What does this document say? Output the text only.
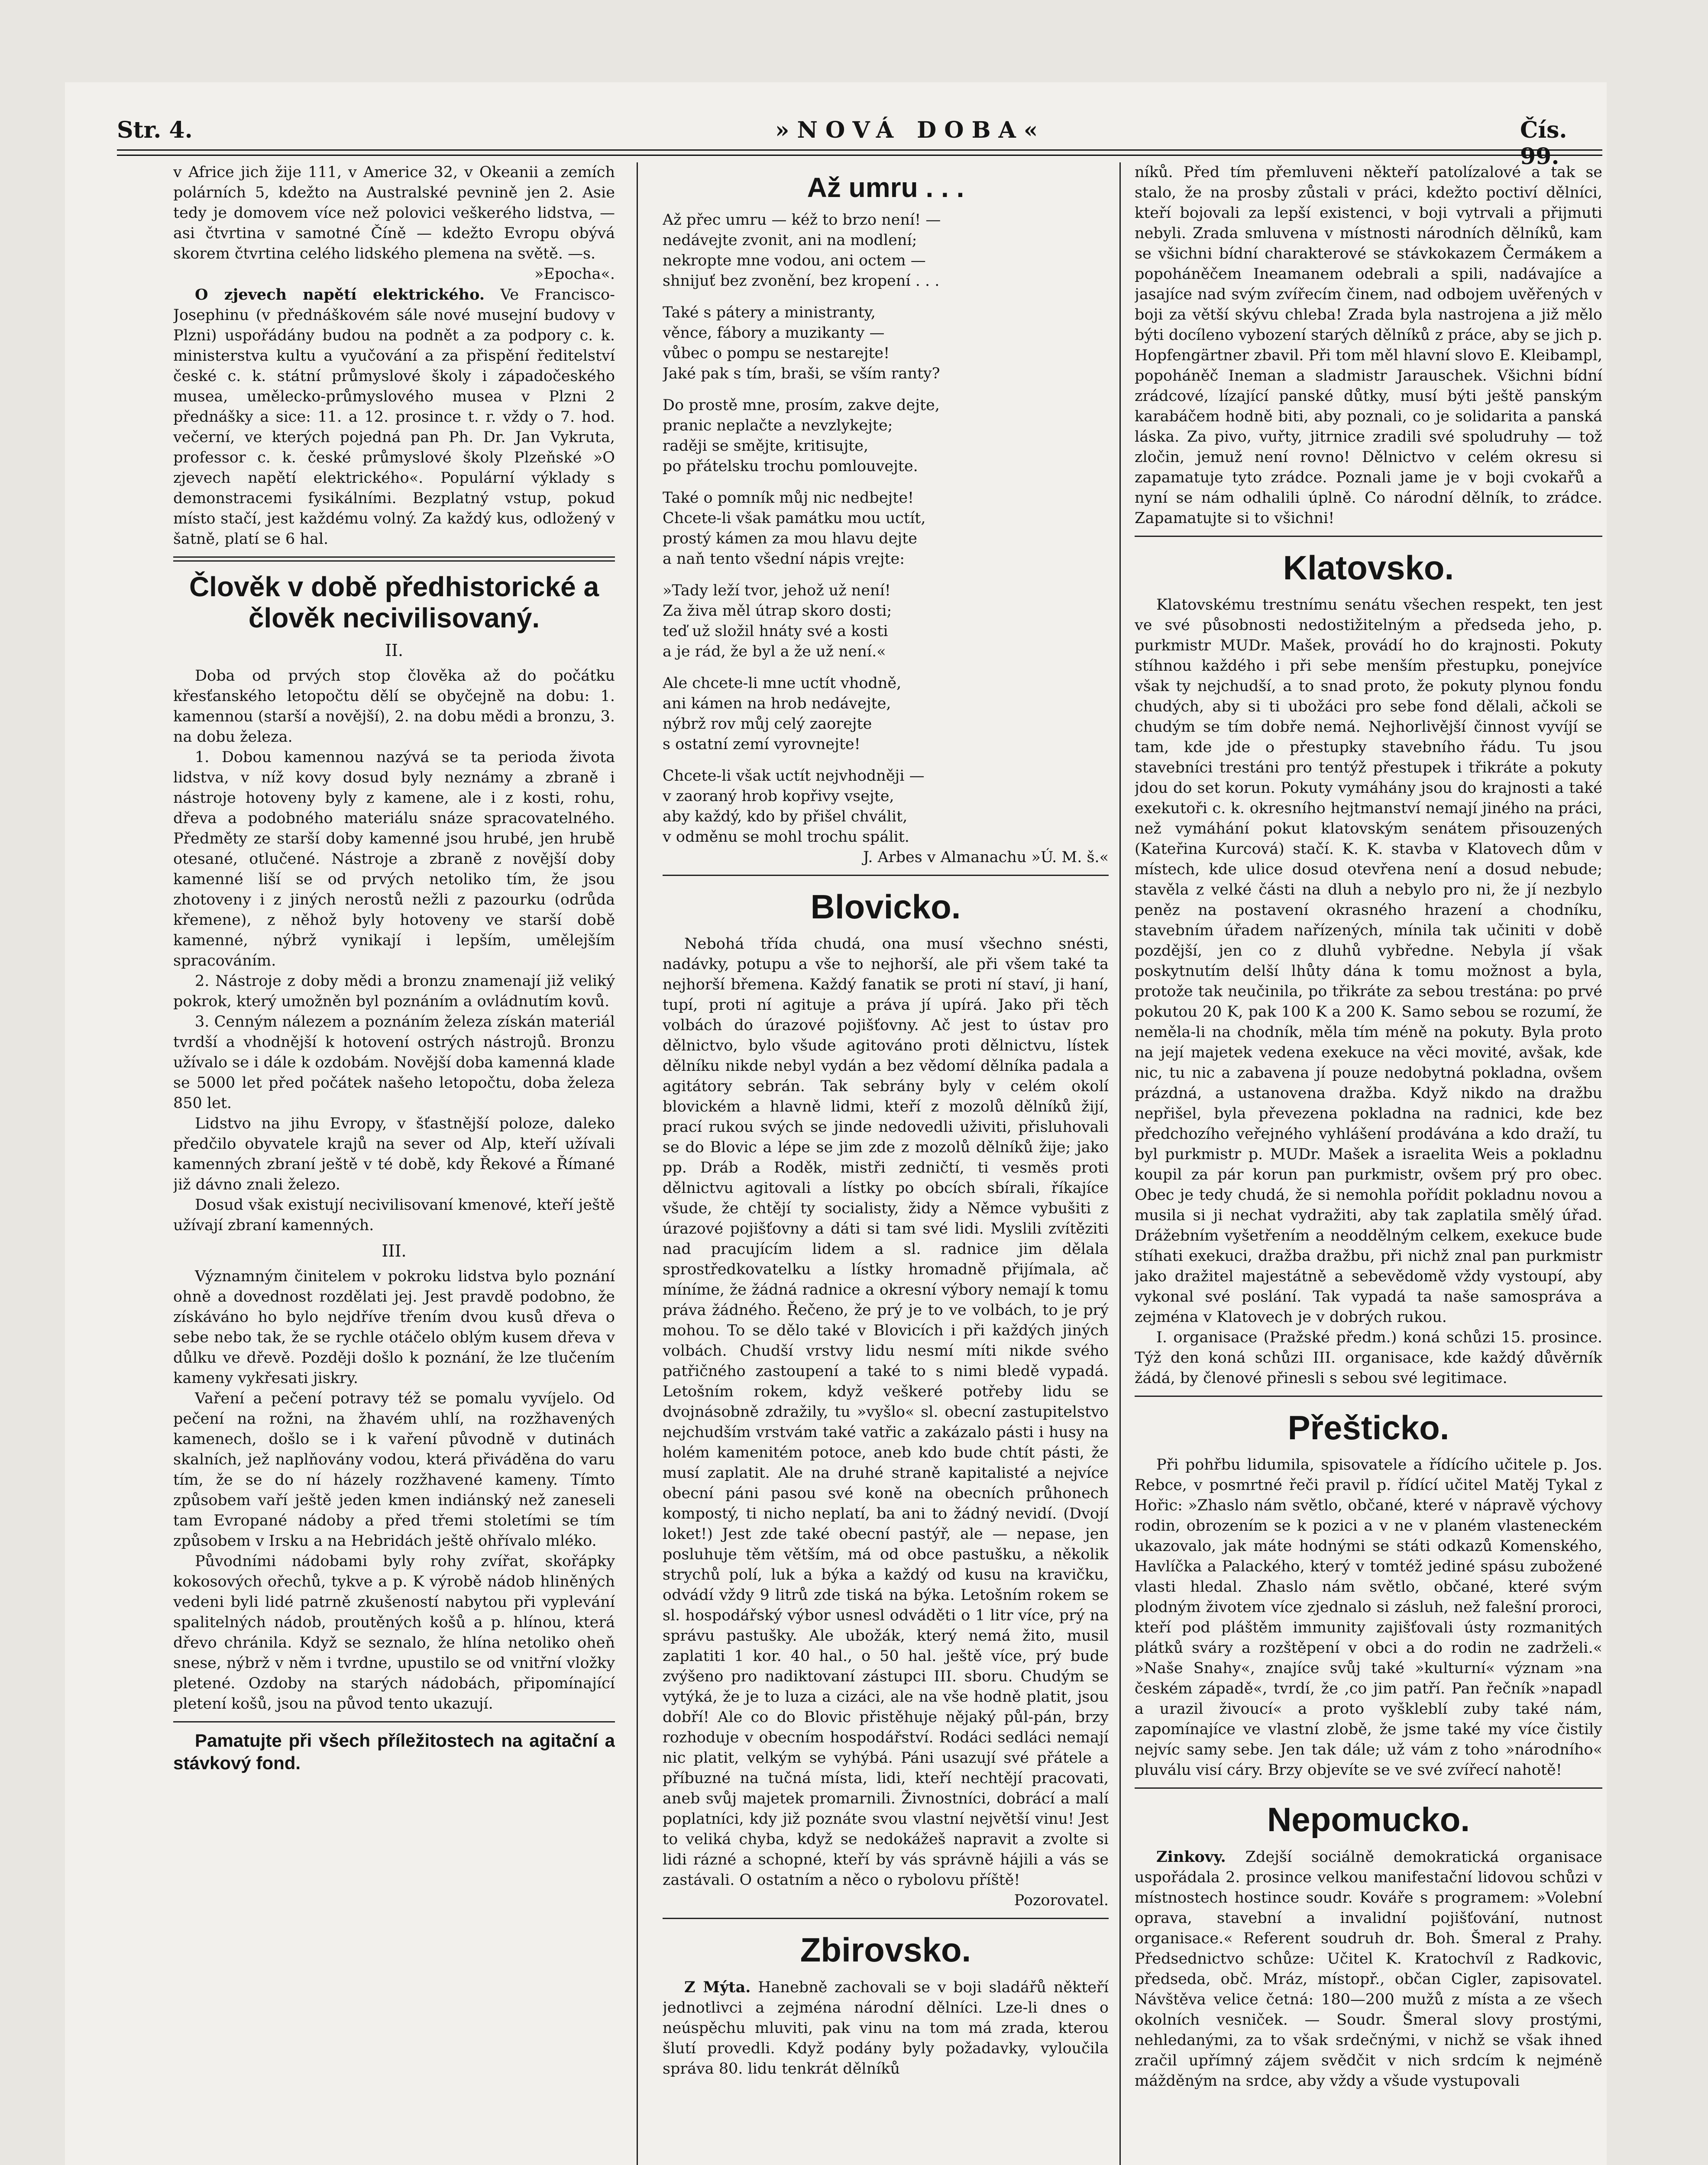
Str. 4.	»NOVÁ DOBA«	Čís. 99.

v Africe jich žije 111, v Americe 32, v Okeanii a zemích polárních 5, kdežto na Australské pevnině jen 2. Asie tedy je domovem více než polovici veškerého lidstva, — asi čtvrtina v samotné Číně — kdežto Evropu obývá skorem čtvrtina celého lidského plemena na světě. —s.

»Epocha«.

O zjevech napětí elektrického. Ve Francisco-Josephinu (v přednáškovém sále nové musejní budovy v Plzni) uspořádány budou na podnět a za podpory c. k. ministerstva kultu a vyučování a za přispění ředitelství české c. k. státní průmyslové školy i západočeského musea, umělecko-průmyslového musea v Plzni 2 přednášky a sice: 11. a 12. prosince t. r. vždy o 7. hod. večerní, ve kterých pojedná pan Ph. Dr. Jan Vykruta, professor c. k. české průmyslové školy Plzeňské »O zjevech napětí elektrického«. Populární výklady s demonstracemi fysikálními. Bezplatný vstup, pokud místo stačí, jest každému volný. Za každý kus, odložený v šatně, platí se 6 hal.

Člověk v době předhistorické a člověk necivilisovaný.

II.

Doba od prvých stop člověka až do počátku křesťanského letopočtu dělí se obyčejně na dobu: 1. kamennou (starší a novější), 2. na dobu mědi a bronzu, 3. na dobu železa.

1. Dobou kamennou nazývá se ta perioda života lidstva, v níž kovy dosud byly neznámy a zbraně i nástroje hotoveny byly z kamene, ale i z kosti, rohu, dřeva a podobného materiálu snáze spracovatelného. Předměty ze starší doby kamenné jsou hrubé, jen hrubě otesané, otlučené. Nástroje a zbraně z novější doby kamenné liší se od prvých netoliko tím, že jsou zhotoveny i z jiných nerostů nežli z pazourku (odrůda křemene), z něhož byly hotoveny ve starší době kamenné, nýbrž vynikají i lepším, umělejším spracováním.

2. Nástroje z doby mědi a bronzu znamenají již veliký pokrok, který umožněn byl poznáním a ovládnutím kovů.

3. Cenným nálezem a poznáním železa získán materiál tvrdší a vhodnější k hotovení ostrých nástrojů. Bronzu užívalo se i dále k ozdobám. Novější doba kamenná klade se 5000 let před počátek našeho letopočtu, doba železa 850 let.

Lidstvo na jihu Evropy, v šťastnější poloze, daleko předčilo obyvatele krajů na sever od Alp, kteří užívali kamenných zbraní ještě v té době, kdy Řekové a Římané již dávno znali železo.

Dosud však existují necivilisovaní kmenové, kteří ještě užívají zbraní kamenných.

III.

Významným činitelem v pokroku lidstva bylo poznání ohně a dovednost rozdělati jej. Jest pravdě podobno, že získáváno ho bylo nejdříve třením dvou kusů dřeva o sebe nebo tak, že se rychle otáčelo oblým kusem dřeva v důlku ve dřevě. Později došlo k poznání, že lze tlučením kameny vykřesati jiskry.

Vaření a pečení potravy též se pomalu vyvíjelo. Od pečení na rožni, na žhavém uhlí, na rozžhavených kamenech, došlo se i k vaření původně v dutinách skalních, jež naplňovány vodou, která přiváděna do varu tím, že se do ní házely rozžhavené kameny. Tímto způsobem vaří ještě jeden kmen indiánský než zaneseli tam Evropané nádoby a před třemi stoletími se tím způsobem v Irsku a na Hebridách ještě ohřívalo mléko.

Původními nádobami byly rohy zvířat, skořápky kokosových ořechů, tykve a p. K výrobě nádob hliněných vedeni byli lidé patrně zkušeností nabytou při vyplevání spalitelných nádob, proutěných košů a p. hlínou, která dřevo chránila. Když se seznalo, že hlína netoliko oheň snese, nýbrž v něm i tvrdne, upustilo se od vnitřní vložky pletené. Ozdoby na starých nádobách, připomínající pletení košů, jsou na původ tento ukazují.

Pamatujte při všech příležitostech na agitační a stávkový fond.

Až umru . . .

Až přec umru — kéž to brzo není! —

nedávejte zvonit, ani na modlení;

nekropte mne vodou, ani octem —

shnijuť bez zvonění, bez kropení . . .

Také s pátery a ministranty,

věnce, fábory a muzikanty —

vůbec o pompu se nestarejte!

Jaké pak s tím, braši, se vším ranty?

Do prostě mne, prosím, zakve dejte,

pranic neplačte a nevzlykejte;

raději se smějte, kritisujte,

po přátelsku trochu pomlouvejte.

Také o pomník můj nic nedbejte!

Chcete-li však památku mou uctít,

prostý kámen za mou hlavu dejte

a naň tento všední nápis vrejte:

»Tady leží tvor, jehož už není!

Za živa měl útrap skoro dosti;

teď už složil hnáty své a kosti

a je rád, že byl a že už není.«

Ale chcete-li mne uctít vhodně,

ani kámen na hrob nedávejte,

nýbrž rov můj celý zaorejte

s ostatní zemí vyrovnejte!

Chcete-li však uctít nejvhodněji —

v zaoraný hrob kopřivy vsejte,

aby každý, kdo by přišel chválit,

v odměnu se mohl trochu spálit.

J. Arbes v Almanachu »Ú. M. š.«

Blovicko.

Nebohá třída chudá, ona musí všechno snésti, nadávky, potupu a vše to nejhorší, ale při všem také ta nejhorší břemena. Každý fanatik se proti ní staví, ji haní, tupí, proti ní agituje a práva jí upírá. Jako při těch volbách do úrazové pojišťovny. Ač jest to ústav pro dělnictvo, bylo všude agitováno proti dělnictvu, lístek dělníku nikde nebyl vydán a bez vědomí dělníka padala a agitátory sebrán. Tak sebrány byly v celém okolí blovickém a hlavně lidmi, kteří z mozolů dělníků žijí, prací rukou svých se jinde nedovedli uživiti, přisluhovali se do Blovic a lépe se jim zde z mozolů dělníků žije; jako pp. Dráb a Roděk, mistři zedničtí, ti vesměs proti dělnictvu agitovali a lístky po obcích sbírali, říkajíce všude, že chtějí ty socialisty, židy a Němce vybušiti z úrazové pojišťovny a dáti si tam své lidi. Myslili zvítěziti nad pracujícím lidem a sl. radnice jim dělala sprostředkovatelku a lístky hromadně přijímala, ač míníme, že žádná radnice a okresní výbory nemají k tomu práva žádného. Řečeno, že prý je to ve volbách, to je prý mohou. To se dělo také v Blovicích i při každých jiných volbách. Chudší vrstvy lidu nesmí míti nikde svého patřičného zastoupení a také to s nimi bledě vypadá. Letošním rokem, když veškeré potřeby lidu se dvojnásobně zdražily, tu »vyšlo« sl. obecní zastupitelstvo nejchudším vrstvám také vatřic a zakázalo pásti i husy na holém kamenitém potoce, aneb kdo bude chtít pásti, že musí zaplatit. Ale na druhé straně kapitalisté a nejvíce obecní páni pasou své koně na obecních průhonech kompostý, ti nicho neplatí, ba ani to žádný nevidí. (Dvojí loket!) Jest zde také obecní pastýř, ale — nepase, jen posluhuje těm větším, má od obce pastušku, a několik strychů polí, luk a býka a každý od kusu na kravičku, odvádí vždy 9 litrů zde tiská na býka. Letošním rokem se sl. hospodářský výbor usnesl odváděti o 1 litr více, prý na správu pastušky. Ale ubožák, který nemá žito, musil zaplatiti 1 kor. 40 hal., o 50 hal. ještě více, prý bude zvýšeno pro nadiktovaní zástupci III. sboru. Chudým se vytýká, že je to luza a cizáci, ale na vše hodně platit, jsou dobří! Ale co do Blovic přistěhuje nějaký půl-pán, brzy rozhoduje v obecním hospodářství. Rodáci sedláci nemají nic platit, velkým se vyhýbá. Páni usazují své přátele a příbuzné na tučná místa, lidi, kteří nechtějí pracovati, aneb svůj majetek promarnili. Živnostníci, dobrácí a malí poplatníci, kdy již poznáte svou vlastní největší vinu! Jest to veliká chyba, když se nedokážeš napravit a zvolte si lidi rázné a schopné, kteří by vás správně hájili a vás se zastávali. O ostatním a něco o rybolovu příště!

Pozorovatel.

Zbirovsko.

Z Mýta. Hanebně zachovali se v boji sladářů někteří jednotlivci a zejména národní dělníci. Lze-li dnes o neúspěchu mluviti, pak vinu na tom má zrada, kterou šlutí provedli. Když podány byly požadavky, vyloučila správa 80. lidu tenkrát dělníků

níků. Před tím přemluveni někteří patolízalové a tak se stalo, že na prosby zůstali v práci, kdežto poctiví dělníci, kteří bojovali za lepší existenci, v boji vytrvali a přijmuti nebyli. Zrada smluvena v místnosti národních dělníků, kam se všichni bídní charakterové se stávkokazem Čermákem a popoháněčem Ineamanem odebrali a spili, nadávajíce a jasajíce nad svým zvířecím činem, nad odbojem uvěřených v boji za větší skývu chleba! Zrada byla nastrojena a již mělo býti docíleno vybození starých dělníků z práce, aby se jich p. Hopfengärtner zbavil. Při tom měl hlavní slovo E. Kleibampl, popoháněč Ineman a sladmistr Jarauschek. Všichni bídní zrádcové, lízající panské důtky, musí býti ještě panským karabáčem hodně biti, aby poznali, co je solidarita a panská láska. Za pivo, vuřty, jitrnice zradili své spoludruhy — tož zločin, jemuž není rovno! Dělnictvo v celém okresu si zapamatuje tyto zrádce. Poznali jame je v boji cvokařů a nyní se nám odhalili úplně. Co národní dělník, to zrádce. Zapamatujte si to všichni!

Klatovsko.

Klatovskému trestnímu senátu všechen respekt, ten jest ve své působnosti nedostižitelným a předseda jeho, p. purkmistr MUDr. Mašek, provádí ho do krajnosti. Pokuty stíhnou každého i při sebe menším přestupku, ponejvíce však ty nejchudší, a to snad proto, že pokuty plynou fondu chudých, aby si ti ubožáci pro sebe fond dělali, ačkoli se chudým se tím dobře nemá. Nejhorlivější činnost vyvíjí se tam, kde jde o přestupky stavebního řádu. Tu jsou stavebníci trestáni pro tentýž přestupek i třikráte a pokuty jdou do set korun. Pokuty vymáhány jsou do krajnosti a také exekutoři c. k. okresního hejtmanství nemají jiného na práci, než vymáhání pokut klatovským senátem přisouzených (Kateřina Kurcová) stačí. K. K. stavba v Klatovech dům v místech, kde ulice dosud otevřena není a dosud nebude; stavěla z velké části na dluh a nebylo pro ni, že jí nezbylo peněz na postavení okrasného hrazení a chodníku, stavebním úřadem nařízených, mínila tak učiniti v době pozdější, jen co z dluhů vybředne. Nebyla jí však poskytnutím delší lhůty dána k tomu možnost a byla, protože tak neučinila, po třikráte za sebou trestána: po prvé pokutou 20 K, pak 100 K a 200 K. Samo sebou se rozumí, že neměla-li na chodník, měla tím méně na pokuty. Byla proto na její majetek vedena exekuce na věci movité, avšak, kde nic, tu nic a zabavena jí pouze nedobytná pokladna, ovšem prázdná, a ustanovena dražba. Když nikdo na dražbu nepřišel, byla převezena pokladna na radnici, kde bez předchozího veřejného vyhlášení prodávána a kdo draží, tu byl purkmistr p. MUDr. Mašek a israelita Weis a pokladnu koupil za pár korun pan purkmistr, ovšem prý pro obec. Obec je tedy chudá, že si nemohla pořídit pokladnu novou a musila si ji nechat vydražiti, aby tak zaplatila smělý úřad. Drážebním vyšetřením a neoddělným celkem, exekuce bude stíhati exekuci, dražba dražbu, při nichž znal pan purkmistr jako dražitel majestátně a sebevědomě vždy vystoupí, aby vykonal své poslání. Tak vypadá ta naše samospráva a zejména v Klatovech je v dobrých rukou.

I. organisace (Pražské předm.) koná schůzi 15. prosince. Týž den koná schůzi III. organisace, kde každý důvěrník žádá, by členové přinesli s sebou své legitimace.

Přešticko.

Při pohřbu lidumila, spisovatele a řídícího učitele p. Jos. Rebce, v posmrtné řeči pravil p. řídící učitel Matěj Tykal z Hořic: »Zhaslo nám světlo, občané, které v nápravě výchovy rodin, obrozením se k pozici a v ne v planém vlasteneckém ukazovalo, jak máte hodnými se státi odkazů Komenského, Havlíčka a Palackého, který v tomtéž jediné spásu zubožené vlasti hledal. Zhaslo nám světlo, občané, které svým plodným životem více zjednalo si zásluh, než falešní proroci, kteří pod pláštěm immunity zajišťovali ústy rozmanitých plátků sváry a rozštěpení v obci a do rodin ne zadrželi.« »Naše Snahy«, znajíce svůj také »kulturní« význam »na českém západě«, tvrdí, že ,co jim patří. Pan řečník »napadl a urazil živoucí« a proto vyškleblí zuby také nám, zapomínajíce ve vlastní zlobě, že jsme také my více čistily nejvíc samy sebe. Jen tak dále; už vám z toho »národního« pluválu visí cáry. Brzy objevíte se ve své zvířecí nahotě!

Nepomucko.

Zinkovy. Zdejší sociálně demokratická organisace uspořádala 2. prosince velkou manifestační lidovou schůzi v místnostech hostince soudr. Kováře s programem: »Volební oprava, stavební a invalidní pojišťování, nutnost organisace.« Referent soudruh dr. Boh. Šmeral z Prahy. Předsednictvo schůze: Učitel K. Kratochvíl z Radkovic, předseda, obč. Mráz, místopř., občan Cigler, zapisovatel. Návštěva velice četná: 180—200 mužů z místa a ze všech okolních vesniček. — Soudr. Šmeral slovy prostými, nehledanými, za to však srdečnými, v nichž se však ihned zračil upřímný zájem svědčit v nich srdcím k nejméně mážděným na srdce, aby vždy a všude vystupovali
